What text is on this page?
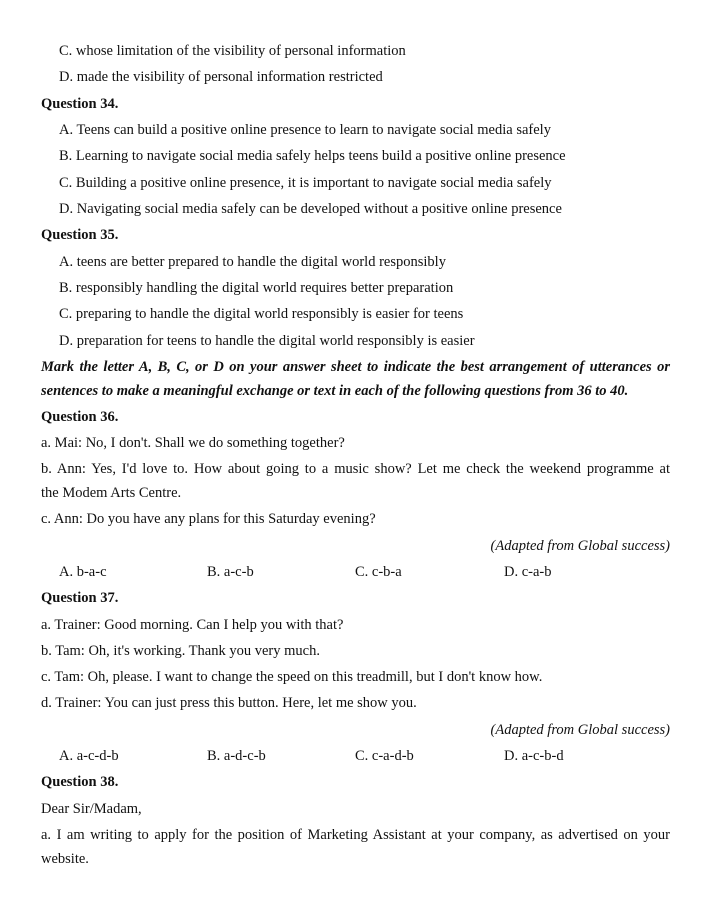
C. whose limitation of the visibility of personal information
D. made the visibility of personal information restricted
Question 34.
A. Teens can build a positive online presence to learn to navigate social media safely
B. Learning to navigate social media safely helps teens build a positive online presence
C. Building a positive online presence, it is important to navigate social media safely
D. Navigating social media safely can be developed without a positive online presence
Question 35.
A. teens are better prepared to handle the digital world responsibly
B. responsibly handling the digital world requires better preparation
C. preparing to handle the digital world responsibly is easier for teens
D. preparation for teens to handle the digital world responsibly is easier
Mark the letter A, B, C, or D on your answer sheet to indicate the best arrangement of utterances or
sentences to make a meaningful exchange or text in each of the following questions from 36 to 40.
Question 36.
a. Mai: No, I don't. Shall we do something together?
b. Ann: Yes, I'd love to. How about going to a music show? Let me check the weekend programme at
the Modem Arts Centre.
c. Ann: Do you have any plans for this Saturday evening?
(Adapted from Global success)
A. b-a-c	B. a-c-b	C. c-b-a	D. c-a-b
Question 37.
a. Trainer: Good morning. Can I help you with that?
b. Tam: Oh, it's working. Thank you very much.
c. Tam: Oh, please. I want to change the speed on this treadmill, but I don't know how.
d. Trainer: You can just press this button. Here, let me show you.
(Adapted from Global success)
A. a-c-d-b	B. a-d-c-b	C. c-a-d-b	D. a-c-b-d
Question 38.
Dear Sir/Madam,
a. I am writing to apply for the position of Marketing Assistant at your company, as advertised on your
website.
